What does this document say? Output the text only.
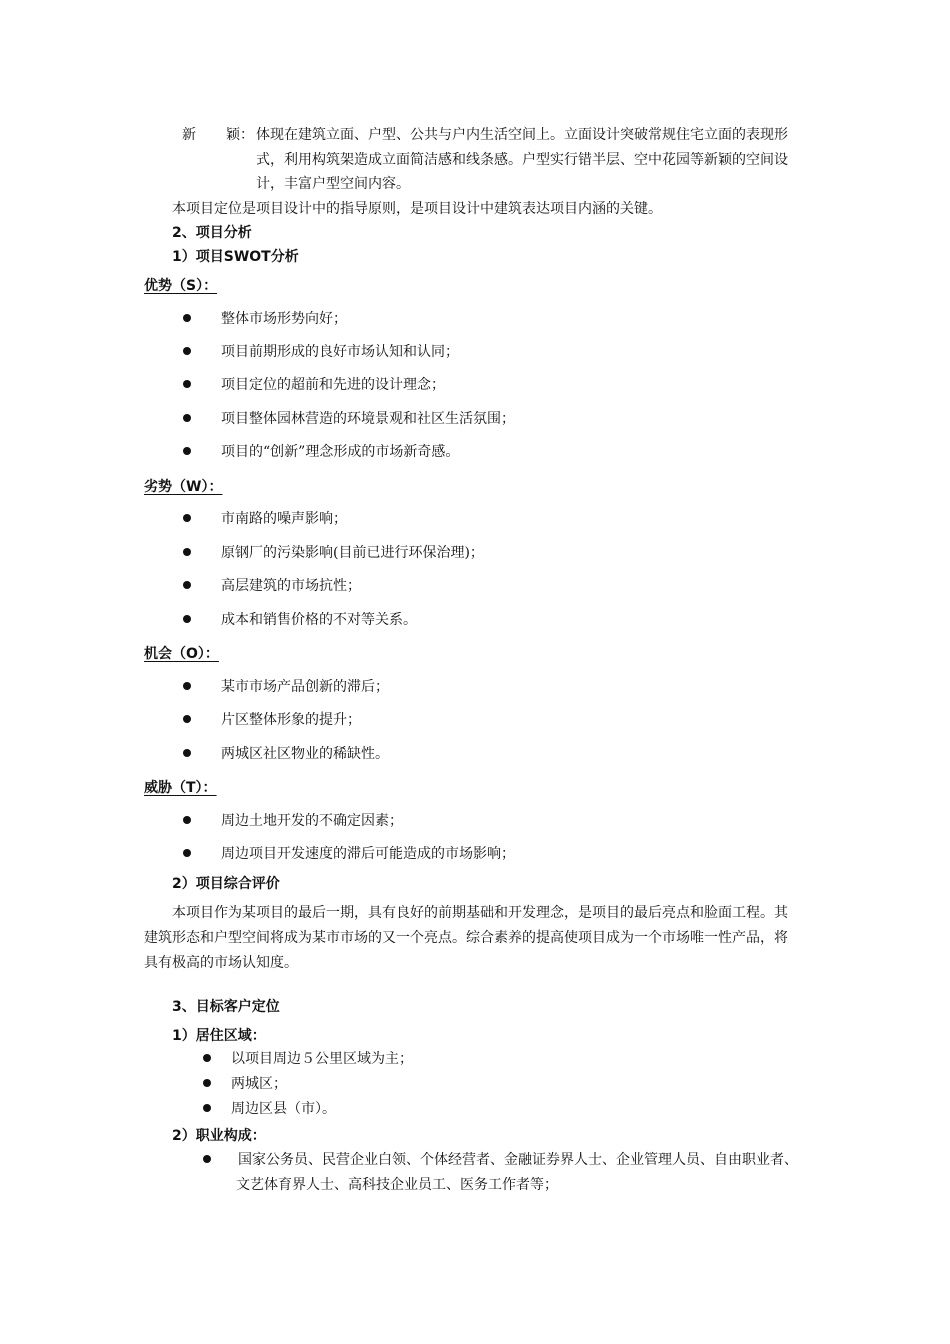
新 颖： 体现在建筑立面、户型、公共与户内生活空间上。立面设计突破常规住宅立面的表现形
式，利用构筑架造成立面简洁感和线条感。户型实行错半层、空中花园等新颖的空间设
计，丰富户型空间内容。
本项目定位是项目设计中的指导原则，是项目设计中建筑表达项目内涵的关键。
2、项目分析
1）项目SWOT分析
优势（S）：
整体市场形势向好；
项目前期形成的良好市场认知和认同；
项目定位的超前和先进的设计理念；
项目整体园林营造的环境景观和社区生活氛围；
项目的“创新”理念形成的市场新奇感。
劣势（W）：
市南路的噪声影响；
原钢厂的污染影响(目前已进行环保治理)；
高层建筑的市场抗性；
成本和销售价格的不对等关系。
机会（O）：
某市市场产品创新的滞后；
片区整体形象的提升；
两城区社区物业的稀缺性。
威胁（T）：
周边土地开发的不确定因素；
周边项目开发速度的滞后可能造成的市场影响；
2）项目综合评价
本项目作为某项目的最后一期，具有良好的前期基础和开发理念，是项目的最后亮点和脸面工程。其
建筑形态和户型空间将成为某市市场的又一个亮点。综合素养的提高使项目成为一个市场唯一性产品，将
具有极高的市场认知度。
3、目标客户定位
1）居住区域：
以项目周边５公里区域为主；
两城区；
周边区县（市）。
2）职业构成：
国家公务员、民营企业白领、个体经营者、金融证券界人士、企业管理人员、自由职业者、
文艺体育界人士、高科技企业员工、医务工作者等；
